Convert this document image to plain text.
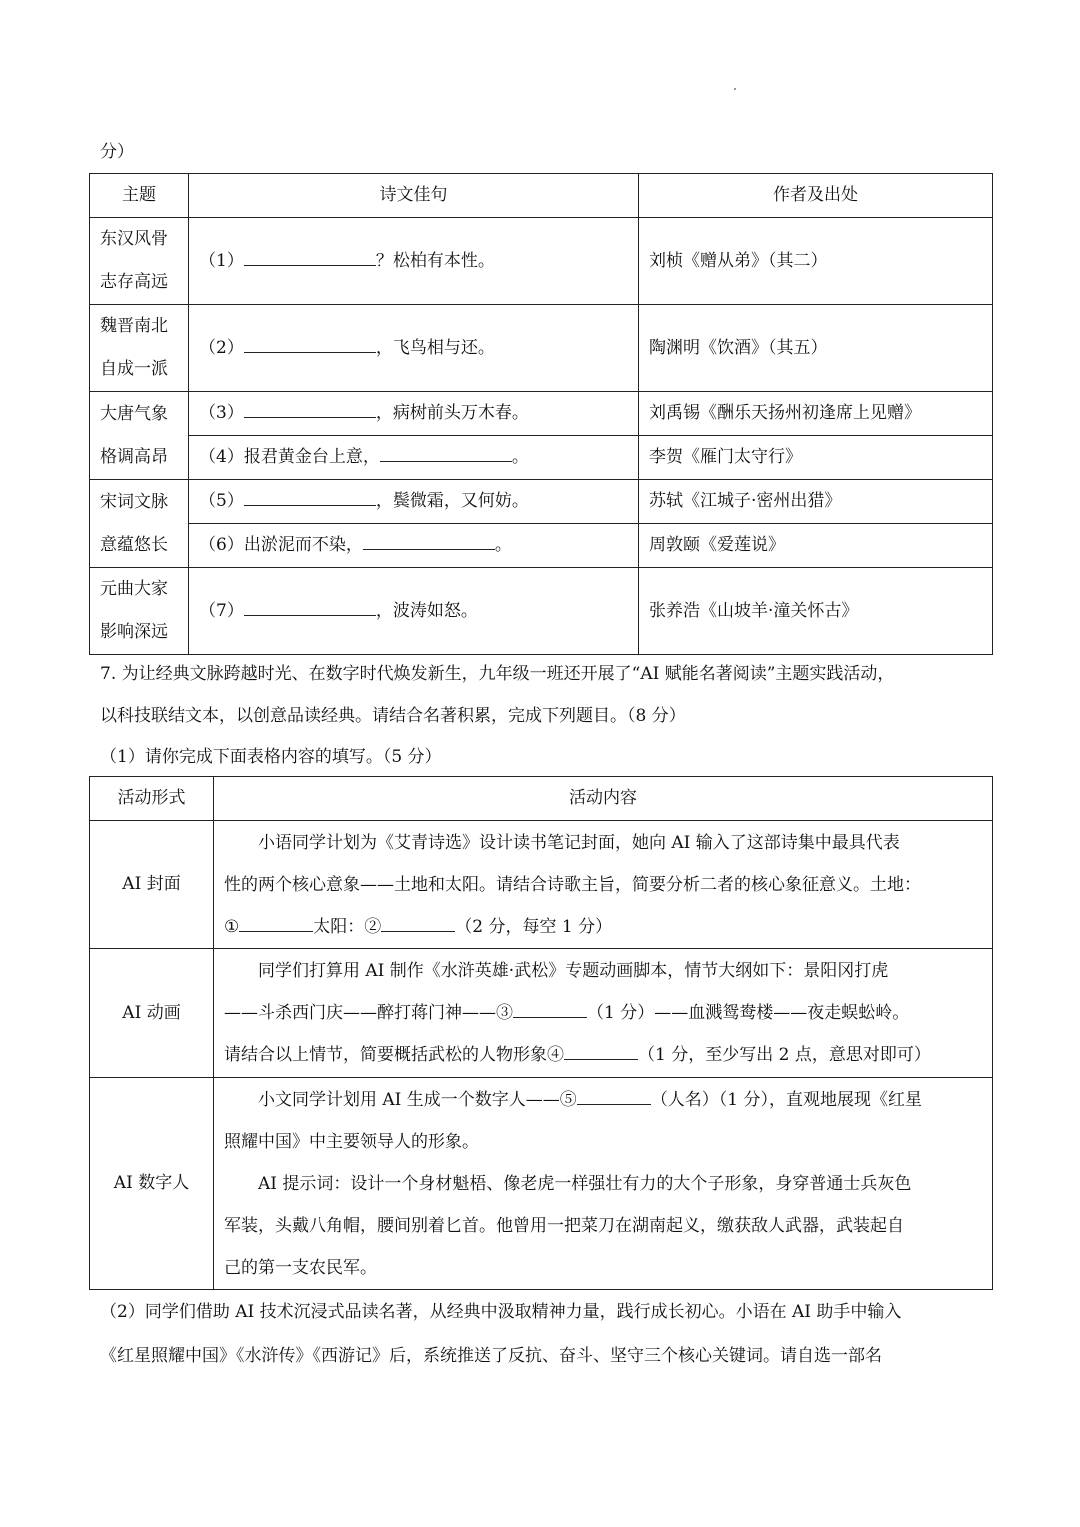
分）
主题	诗文佳句	作者及出处

东汉风骨
志存高远	（1） ？松柏有本性。	刘桢《赠从弟》（其二）

魏晋南北
自成一派	（2） ，飞鸟相与还。	陶渊明《饮酒》（其五）

大唐气象
格调高昂	（3） ，病树前头万木春。	刘禹锡《酬乐天扬州初逢席上见赠》
	（4）报君黄金台上意， 。	李贺《雁门太守行》

宋词文脉
意蕴悠长	（5） ，鬓微霜，又何妨。	苏轼《江城子·密州出猎》
	（6）出淤泥而不染， 。	周敦颐《爱莲说》

元曲大家
影响深远	（7） ，波涛如怒。	张养浩《山坡羊·潼关怀古》
7. 为让经典文脉跨越时光、在数字时代焕发新生，九年级一班还开展了“AI 赋能名著阅读”主题实践活动，
以科技联结文本，以创意品读经典。请结合名著积累，完成下列题目。（8 分）
（1）请你完成下面表格内容的填写。（5 分）
活动形式	活动内容
AI 封面	小语同学计划为《艾青诗选》设计读书笔记封面，她向 AI 输入了这部诗集中最具代表

性的两个核心意象——土地和太阳。请结合诗歌主旨，简要分析二者的核心象征意义。土地：

① 太阳：② （2 分，每空 1 分）

AI 动画	同学们打算用 AI 制作《水浒英雄·武松》专题动画脚本，情节大纲如下：景阳冈打虎

——斗杀西门庆——醉打蒋门神——③ （1 分）——血溅鸳鸯楼——夜走蜈蚣岭。

请结合以上情节，简要概括武松的人物形象④ （1 分，至少写出 2 点，意思对即可）

AI 数字人	小文同学计划用 AI 生成一个数字人——⑤ （人名）（1 分），直观地展现《红星

照耀中国》中主要领导人的形象。

AI 提示词：设计一个身材魁梧、像老虎一样强壮有力的大个子形象，身穿普通士兵灰色

军装，头戴八角帽，腰间别着匕首。他曾用一把菜刀在湖南起义，缴获敌人武器，武装起自

己的第一支农民军。

（2）同学们借助 AI 技术沉浸式品读名著，从经典中汲取精神力量，践行成长初心。小语在 AI 助手中输入
《红星照耀中国》《水浒传》《西游记》后，系统推送了反抗、奋斗、坚守三个核心关键词。请自选一部名
